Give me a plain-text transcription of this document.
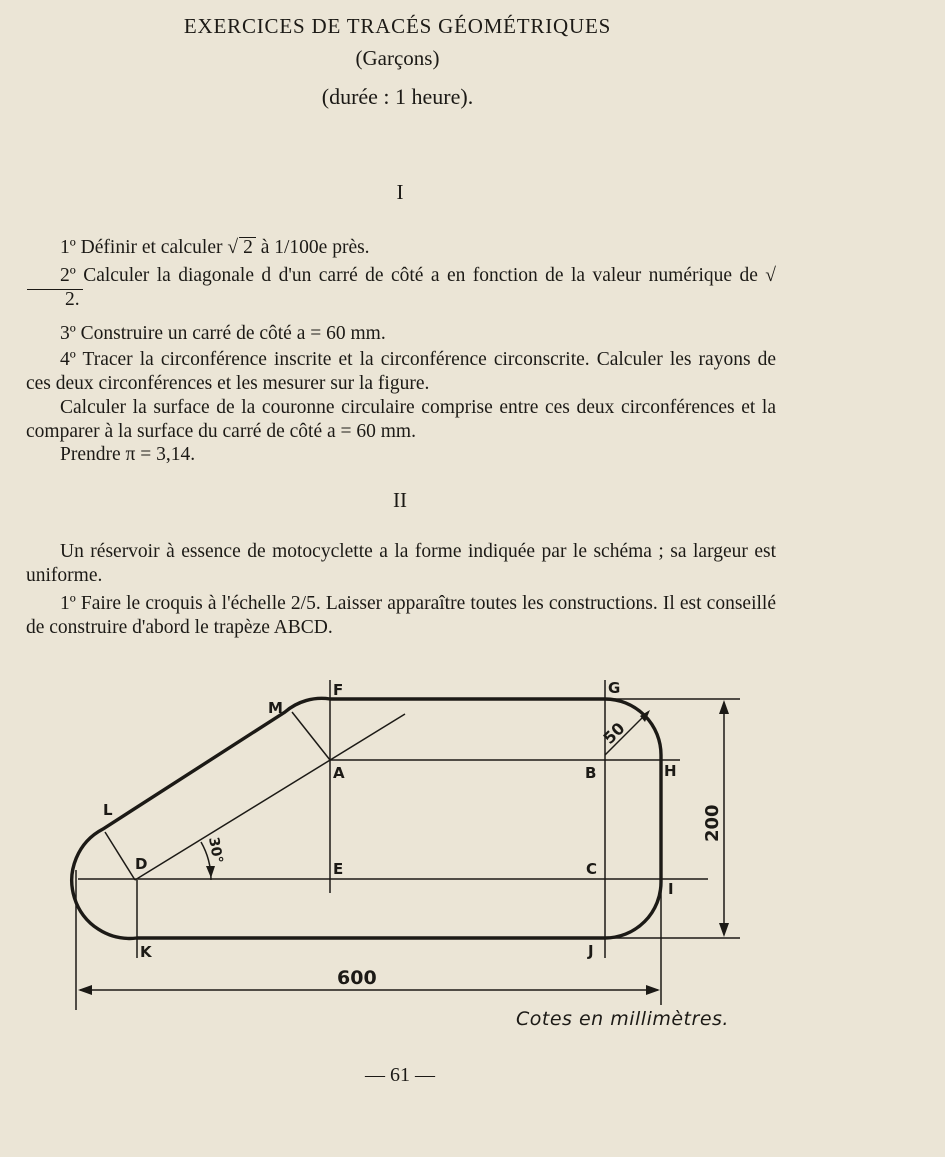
EXERCICES DE TRACÉS GÉOMÉTRIQUES
(Garçons)
(durée : 1 heure).
I
1º Définir et calculer √ 2 à 1/100e près.
2º Calculer la diagonale d d'un carré de côté a en fonction de la valeur numérique de √2.
3º Construire un carré de côté a = 60 mm.
4º Tracer la circonférence inscrite et la circonférence circonscrite. Calculer les rayons de ces deux circonférences et les mesurer sur la figure.
Calculer la surface de la couronne circulaire comprise entre ces deux circonférences et la comparer à la surface du carré de côté a = 60 mm.
Prendre π = 3,14.
II
Un réservoir à essence de motocyclette a la forme indiquée par le schéma ; sa largeur est uniforme.
1º Faire le croquis à l'échelle 2/5. Laisser apparaître toutes les constructions. Il est conseillé de construire d'abord le trapèze ABCD.
F	G
M
A	B	H
L
D	E	C
I
K	J
30°
50
200
600
Cotes en millimètres.
— 61 —
